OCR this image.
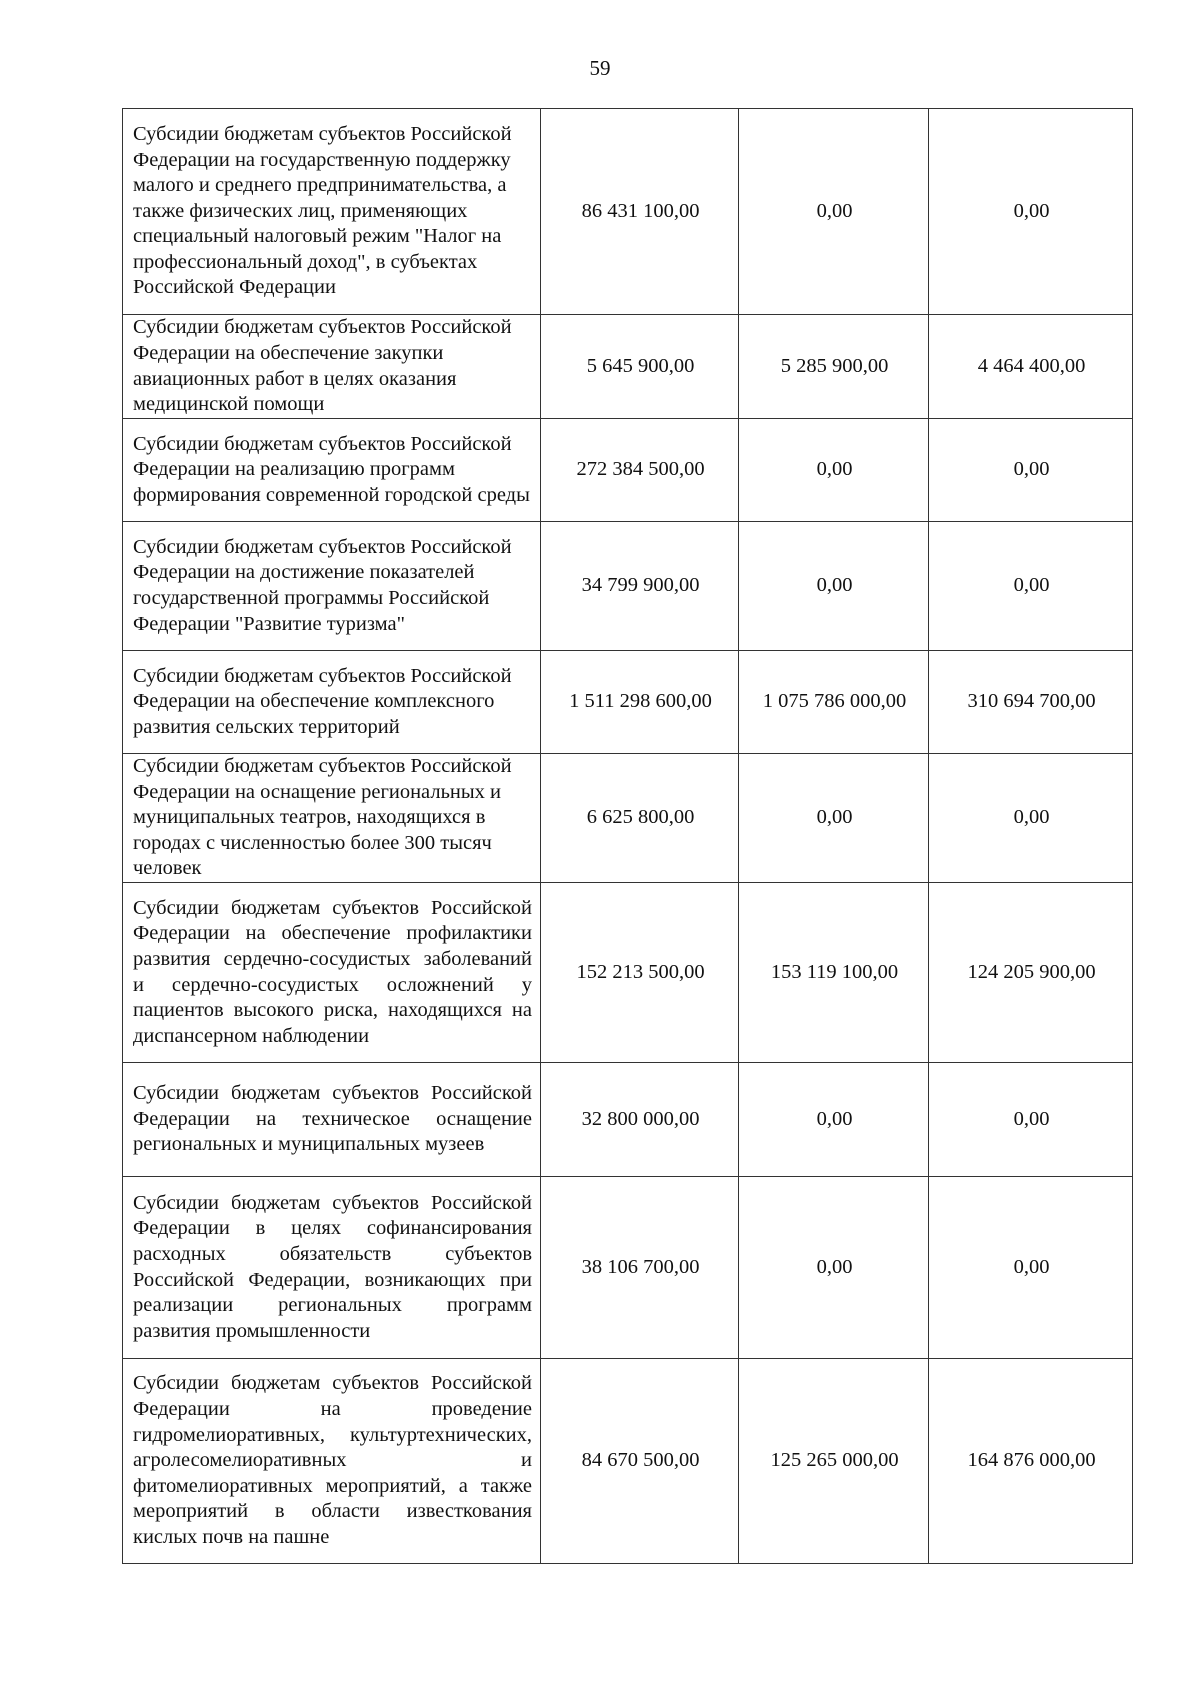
59
Субсидии бюджетам субъектов Российской Федерации на государственную поддержку малого и среднего предпринимательства, а также физических лиц, применяющих специальный налоговый режим "Налог на профессиональный доход", в субъектах Российской Федерации	86 431 100,00	0,00	0,00
Субсидии бюджетам субъектов Российской Федерации на обеспечение закупки авиационных работ в целях оказания медицинской помощи	5 645 900,00	5 285 900,00	4 464 400,00
Субсидии бюджетам субъектов Российской Федерации на реализацию программ формирования современной городской среды	272 384 500,00	0,00	0,00
Субсидии бюджетам субъектов Российской Федерации на достижение показателей государственной программы Российской Федерации "Развитие туризма"	34 799 900,00	0,00	0,00
Субсидии бюджетам субъектов Российской Федерации на обеспечение комплексного развития сельских территорий	1 511 298 600,00	1 075 786 000,00	310 694 700,00
Субсидии бюджетам субъектов Российской Федерации на оснащение региональных и муниципальных театров, находящихся в городах с численностью более 300 тысяч человек	6 625 800,00	0,00	0,00
Субсидии бюджетам субъектов Российской Федерации на обеспечение профилактики развития сердечно-сосудистых заболеваний и сердечно-сосудистых осложнений у пациентов высокого риска, находящихся на диспансерном наблюдении	152 213 500,00	153 119 100,00	124 205 900,00
Субсидии бюджетам субъектов Российской Федерации на техническое оснащение региональных и муниципальных музеев	32 800 000,00	0,00	0,00
Субсидии бюджетам субъектов Российской Федерации в целях софинансирования расходных обязательств субъектов Российской Федерации, возникающих при реализации региональных программ развития промышленности	38 106 700,00	0,00	0,00
Субсидии бюджетам субъектов Российской Федерации на проведение гидромелиоративных, культуртехнических, агролесомелиоративных и фитомелиоративных мероприятий, а также мероприятий в области известкования кислых почв на пашне	84 670 500,00	125 265 000,00	164 876 000,00
